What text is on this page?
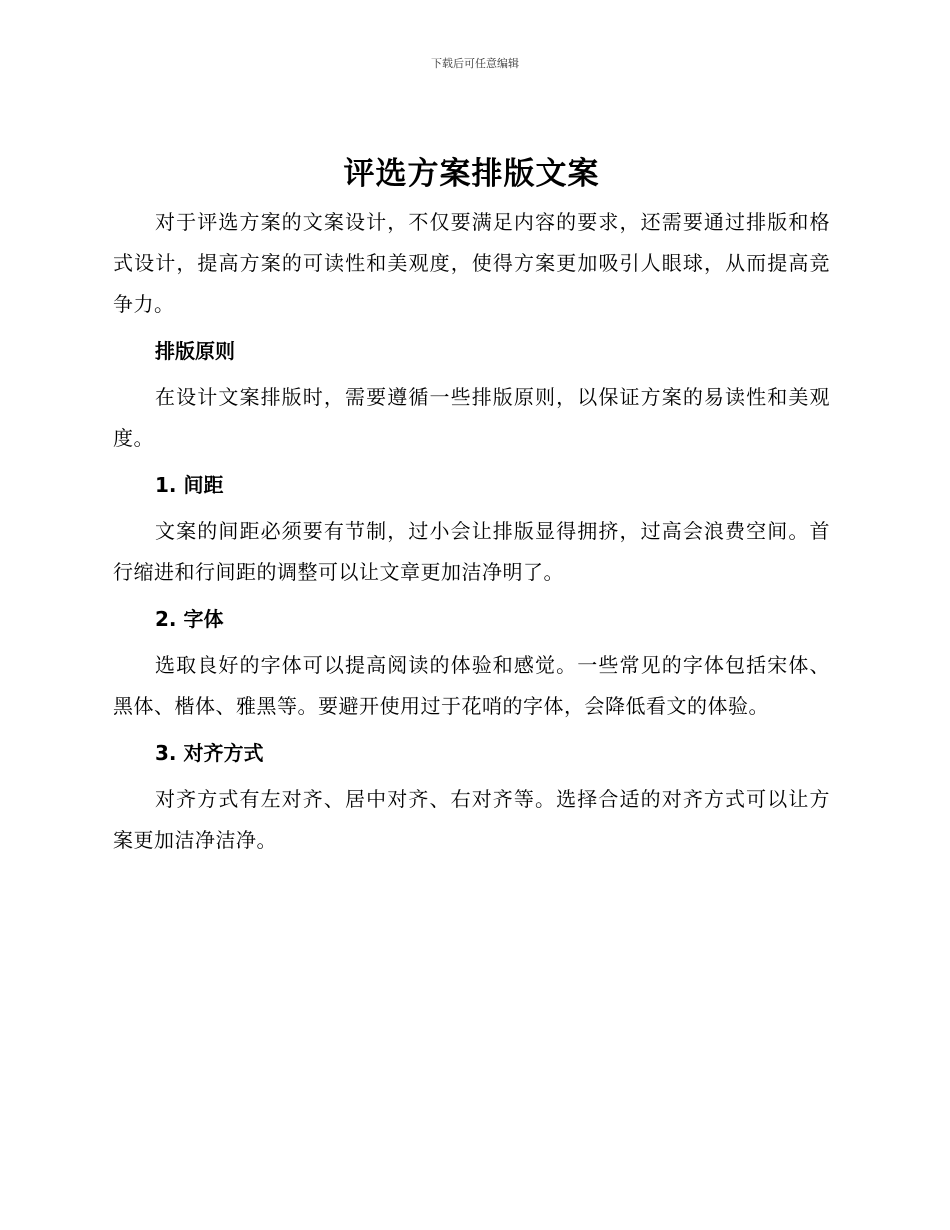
下载后可任意编辑
评选方案排版文案

对于评选方案的文案设计，不仅要满足内容的要求，还需要通过排版和格式设计，提高方案的可读性和美观度，使得方案更加吸引人眼球，从而提高竞争力。

排版原则

在设计文案排版时，需要遵循一些排版原则，以保证方案的易读性和美观度。

1. 间距

文案的间距必须要有节制，过小会让排版显得拥挤，过高会浪费空间。首行缩进和行间距的调整可以让文章更加洁净明了。

2. 字体

选取良好的字体可以提高阅读的体验和感觉。一些常见的字体包括宋体、黑体、楷体、雅黑等。要避开使用过于花哨的字体，会降低看文的体验。

3. 对齐方式

对齐方式有左对齐、居中对齐、右对齐等。选择合适的对齐方式可以让方案更加洁净洁净。
